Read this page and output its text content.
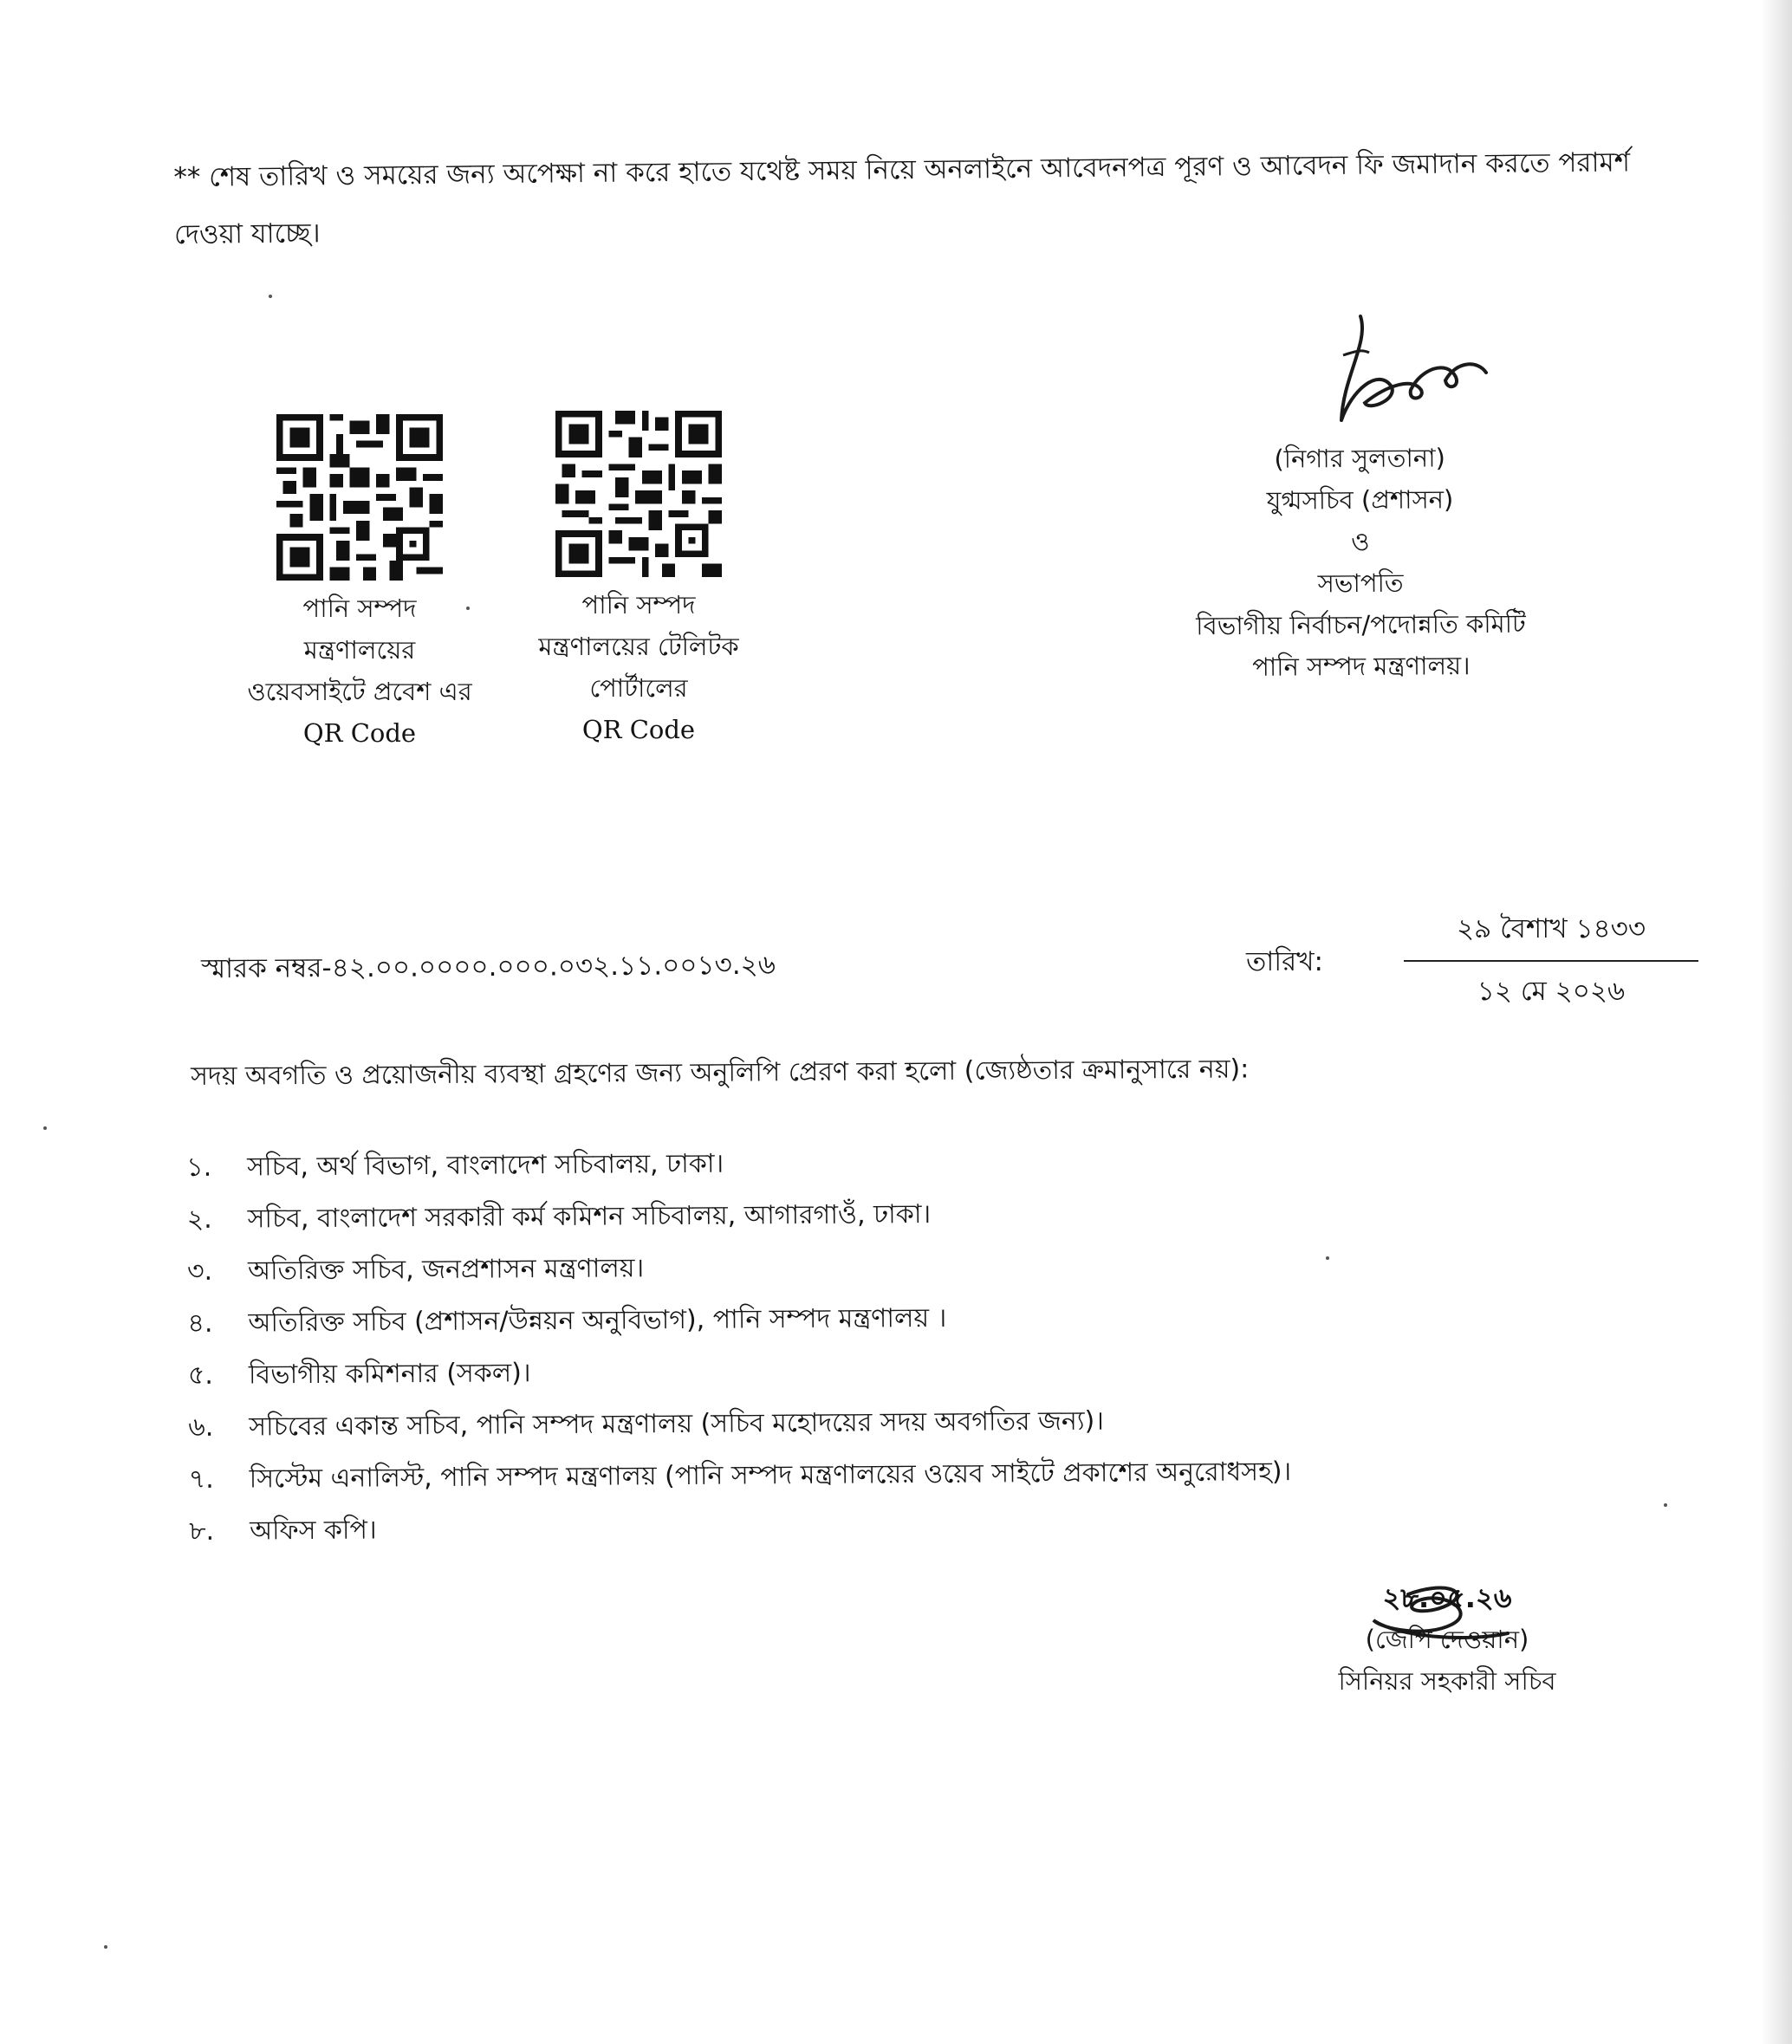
** শেষ তারিখ ও সময়ের জন্য অপেক্ষা না করে হাতে যথেষ্ট সময় নিয়ে অনলাইনে আবেদনপত্র পূরণ ও আবেদন ফি জমাদান করতে পরামর্শ দেওয়া যাচ্ছে।
পানি সম্পদ
মন্ত্রণালয়ের
ওয়েবসাইটে প্রবেশ এর
QR Code
পানি সম্পদ
মন্ত্রণালয়ের টেলিটক
পোর্টালের
QR Code
(নিগার সুলতানা)
যুগ্মসচিব (প্রশাসন)
ও
সভাপতি
বিভাগীয় নির্বাচন/পদোন্নতি কমিটি
পানি সম্পদ মন্ত্রণালয়।
স্মারক নম্বর-৪২.০০.০০০০.০০০.০৩২.১১.০০১৩.২৬	তারিখ:
২৯ বৈশাখ ১৪৩৩
১২ মে ২০২৬
সদয় অবগতি ও প্রয়োজনীয় ব্যবস্থা গ্রহণের জন্য অনুলিপি প্রেরণ করা হলো (জ্যেষ্ঠতার ক্রমানুসারে নয়):
১. সচিব, অর্থ বিভাগ, বাংলাদেশ সচিবালয়, ঢাকা।
২. সচিব, বাংলাদেশ সরকারী কর্ম কমিশন সচিবালয়, আগারগাওঁ, ঢাকা।
৩. অতিরিক্ত সচিব, জনপ্রশাসন মন্ত্রণালয়।
৪. অতিরিক্ত সচিব (প্রশাসন/উন্নয়ন অনুবিভাগ), পানি সম্পদ মন্ত্রণালয় ।
৫. বিভাগীয় কমিশনার (সকল)।
৬. সচিবের একান্ত সচিব, পানি সম্পদ মন্ত্রণালয় (সচিব মহোদয়ের সদয় অবগতির জন্য)।
৭. সিস্টেম এনালিস্ট, পানি সম্পদ মন্ত্রণালয় (পানি সম্পদ মন্ত্রণালয়ের ওয়েব সাইটে প্রকাশের অনুরোধসহ)।
৮. অফিস কপি।
২৮.০৫.২৬
(জেপি দেওয়ান)
সিনিয়র সহকারী সচিব
